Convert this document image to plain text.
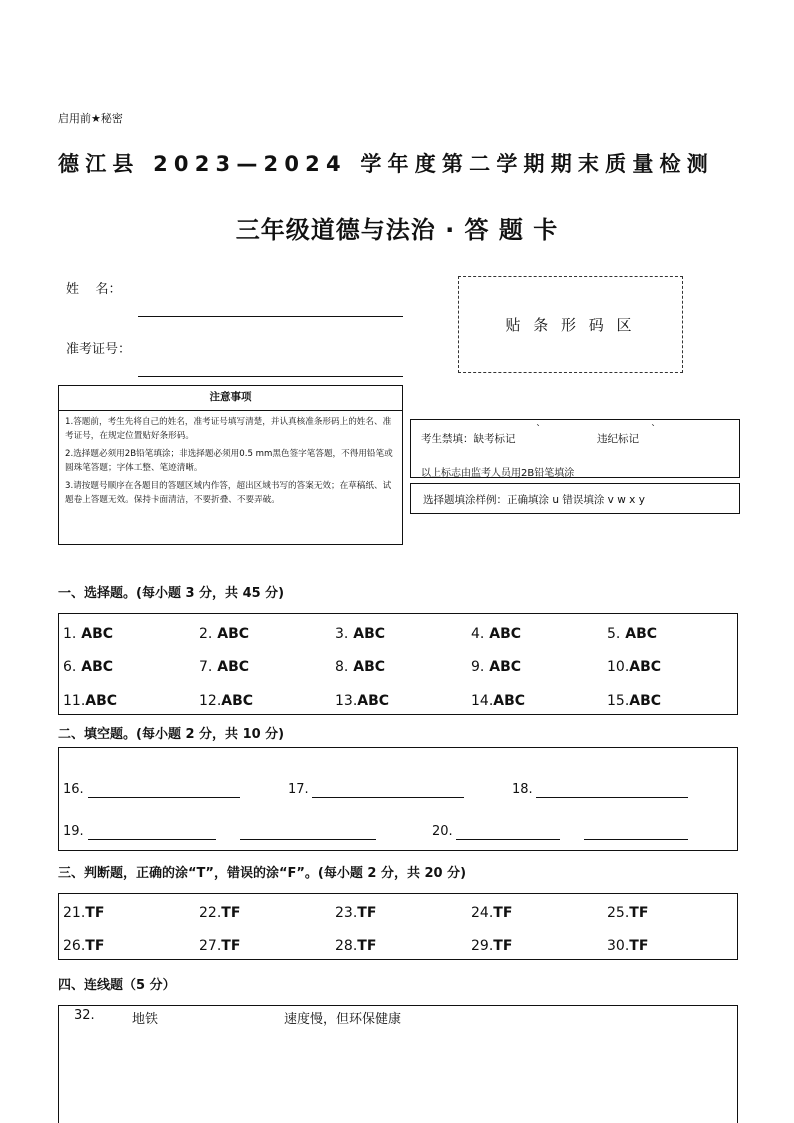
启用前★秘密
德江县 2023—2024 学年度第二学期期末质量检测
三年级道德与法治 · 答 题 卡
姓    名：
准考证号：
贴 条 形 码 区
注意事项
1.答题前，考生先将自己的姓名，准考证号填写清楚，并认真核准条形码上的姓名、准考证号，在规定位置贴好条形码。
2.选择题必须用2B铅笔填涂；非选择题必须用0.5 mm黑色签字笔答题，不得用铅笔或圆珠笔答题；字体工整、笔迹清晰。
3.请按题号顺序在各题目的答题区域内作答，超出区域书写的答案无效；在草稿纸、试题卷上答题无效。保持卡面清洁，不要折叠、不要弄破。
考生禁填：缺考标记
ˋ
违纪标记
ˋ
以上标志由监考人员用2B铅笔填涂
选择题填涂样例：正确填涂 u 错误填涂 v w x y
一、选择题。(每小题 3 分，共 45 分)
1. ABC	2. ABC	3. ABC	4. ABC	5. ABC
6. ABC	7. ABC	8. ABC	9. ABC	10.ABC
11.ABC	12.ABC	13.ABC	14.ABC	15.ABC
二、填空题。(每小题 2 分，共 10 分)
16.	17.	18.
19.	20.
三、判断题，正确的涂“T”，错误的涂“F”。(每小题 2 分，共 20 分)
21.TF	22.TF	23.TF	24.TF	25.TF
26.TF	27.TF	28.TF	29.TF	30.TF
四、连线题（5 分）
32.	地铁	速度慢，但环保健康
